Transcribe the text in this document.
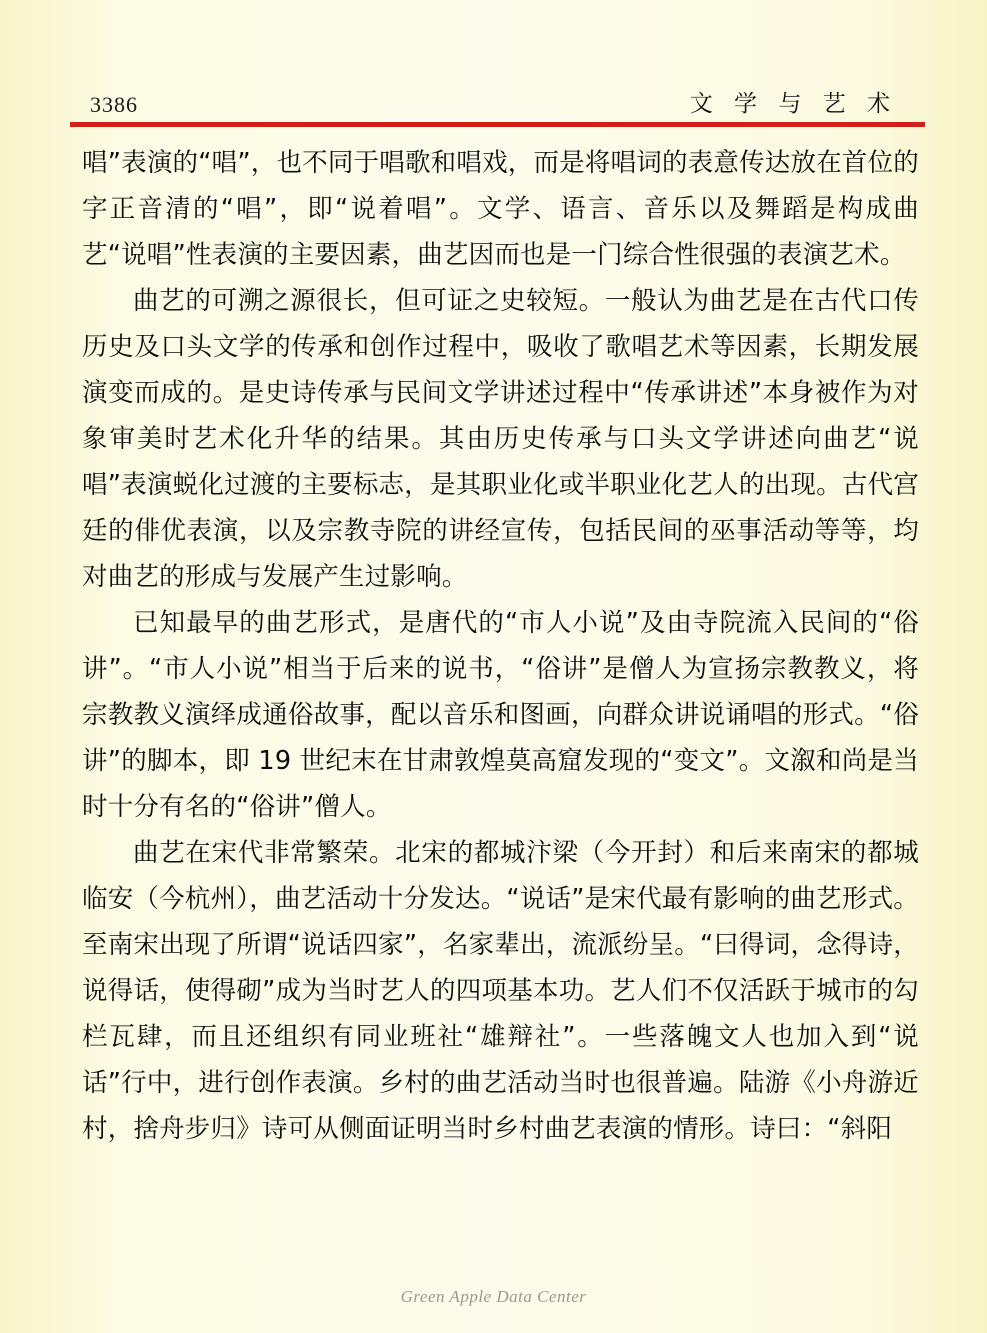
3386	文 学 与 艺 术

唱”表演的“唱”，也不同于唱歌和唱戏，而是将唱词的表意传达放在首位的字正音清的“唱”，即“说着唱”。文学、语言、音乐以及舞蹈是构成曲艺“说唱”性表演的主要因素，曲艺因而也是一门综合性很强的表演艺术。

曲艺的可溯之源很长，但可证之史较短。一般认为曲艺是在古代口传历史及口头文学的传承和创作过程中，吸收了歌唱艺术等因素，长期发展演变而成的。是史诗传承与民间文学讲述过程中“传承讲述”本身被作为对象审美时艺术化升华的结果。其由历史传承与口头文学讲述向曲艺“说唱”表演蜕化过渡的主要标志，是其职业化或半职业化艺人的出现。古代宫廷的俳优表演，以及宗教寺院的讲经宣传，包括民间的巫事活动等等，均对曲艺的形成与发展产生过影响。

已知最早的曲艺形式，是唐代的“市人小说”及由寺院流入民间的“俗讲”。“市人小说”相当于后来的说书，“俗讲”是僧人为宣扬宗教教义，将宗教教义演绎成通俗故事，配以音乐和图画，向群众讲说诵唱的形式。“俗讲”的脚本，即 19 世纪末在甘肃敦煌莫高窟发现的“变文”。文溆和尚是当时十分有名的“俗讲”僧人。

曲艺在宋代非常繁荣。北宋的都城汴梁（今开封）和后来南宋的都城临安（今杭州），曲艺活动十分发达。“说话”是宋代最有影响的曲艺形式。至南宋出现了所谓“说话四家”，名家辈出，流派纷呈。“曰得词，念得诗，说得话，使得砌”成为当时艺人的四项基本功。艺人们不仅活跃于城市的勾栏瓦肆，而且还组织有同业班社“雄辩社”。一些落魄文人也加入到“说话”行中，进行创作表演。乡村的曲艺活动当时也很普遍。陆游《小舟游近村，捨舟步归》诗可从侧面证明当时乡村曲艺表演的情形。诗曰：“斜阳

Green Apple Data Center
